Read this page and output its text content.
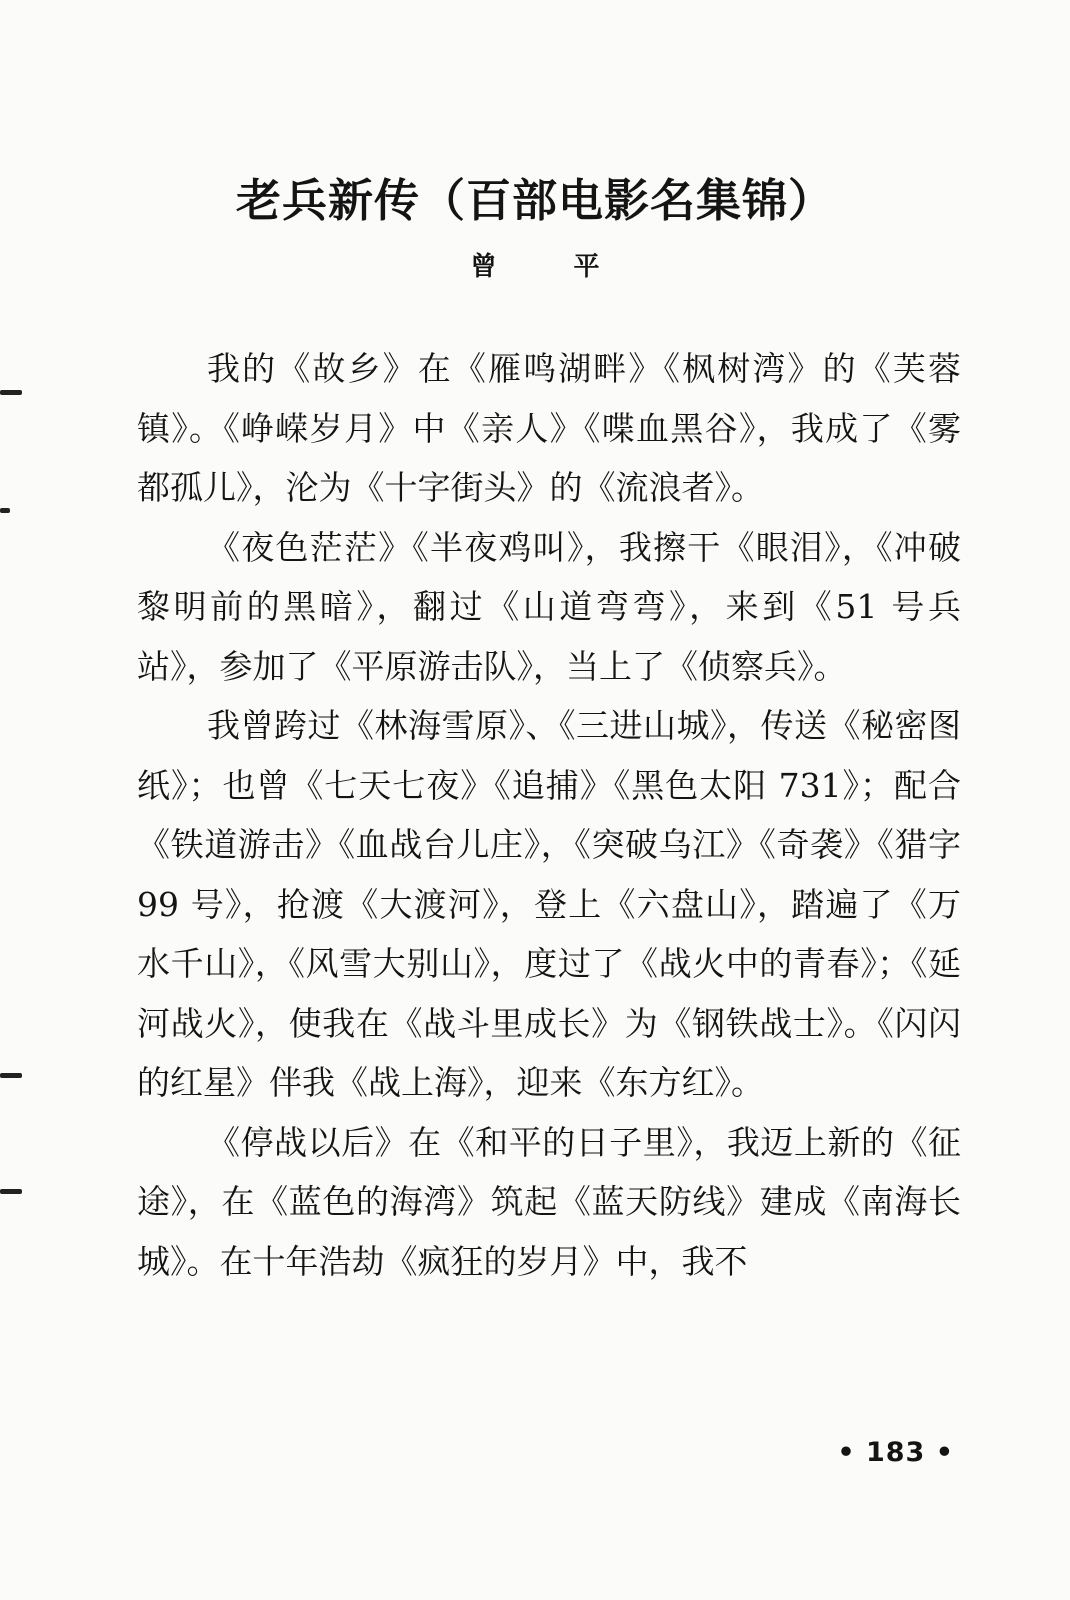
老兵新传（百部电影名集锦）
曾 平

我的《故乡》在《雁鸣湖畔》《枫树湾》的《芙蓉镇》。《峥嵘岁月》中《亲人》《喋血黑谷》，我成了《雾都孤儿》，沦为《十字街头》的《流浪者》。

《夜色茫茫》《半夜鸡叫》，我擦干《眼泪》，《冲破黎明前的黑暗》，翻过《山道弯弯》，来到《51 号兵站》，参加了《平原游击队》，当上了《侦察兵》。

我曾跨过《林海雪原》、《三进山城》，传送《秘密图纸》；也曾《七天七夜》《追捕》《黑色太阳 731》；配合《铁道游击》《血战台儿庄》，《突破乌江》《奇袭》《猎字 99 号》，抢渡《大渡河》，登上《六盘山》，踏遍了《万水千山》，《风雪大别山》，度过了《战火中的青春》；《延河战火》，使我在《战斗里成长》为《钢铁战士》。《闪闪的红星》伴我《战上海》，迎来《东方红》。

《停战以后》在《和平的日子里》，我迈上新的《征途》，在《蓝色的海湾》筑起《蓝天防线》建成《南海长城》。在十年浩劫《疯狂的岁月》中，我不

• 183 •
